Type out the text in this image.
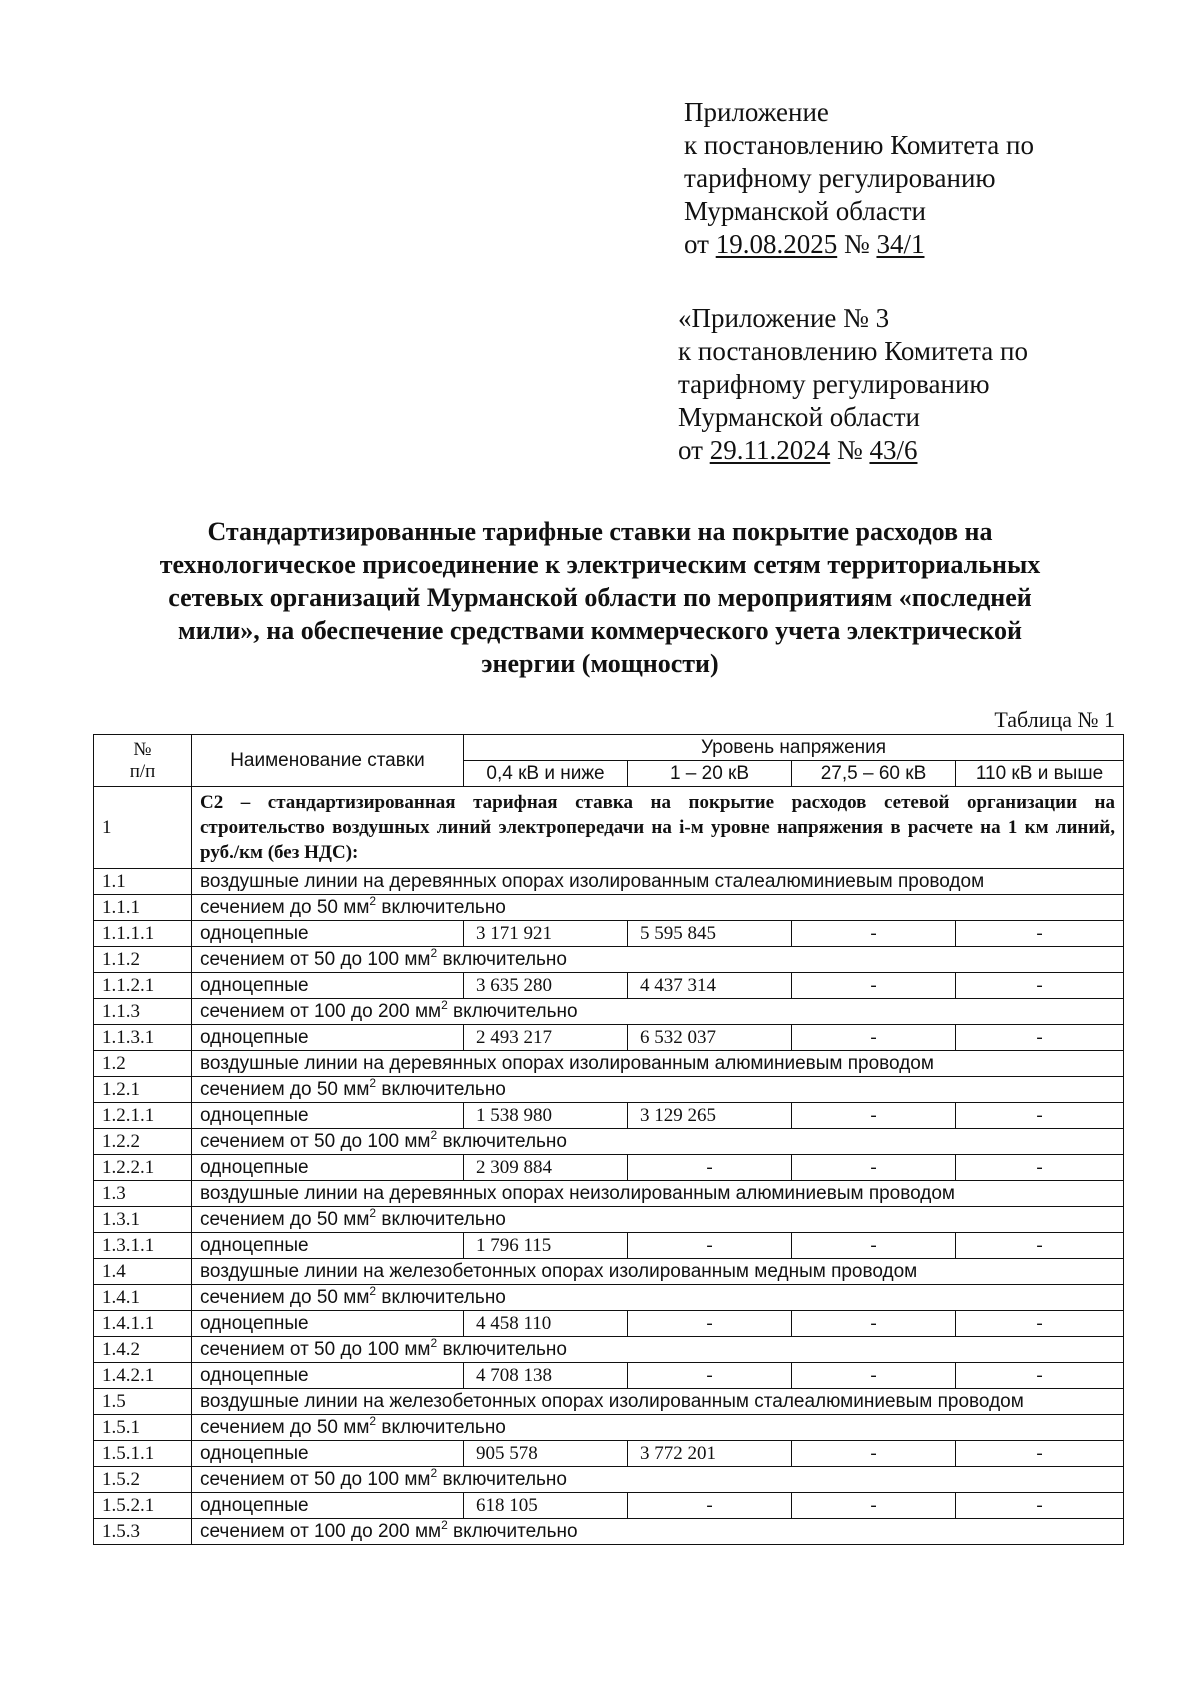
Приложение
к постановлению Комитета по
тарифному регулированию
Мурманской области
от 19.08.2025 № 34/1
«Приложение № 3
к постановлению Комитета по
тарифному регулированию
Мурманской области
от 29.11.2024 № 43/6
Стандартизированные тарифные ставки на покрытие расходов на
технологическое присоединение к электрическим сетям территориальных
сетевых организаций Мурманской области по мероприятиям «последней
мили», на обеспечение средствами коммерческого учета электрической
энергии (мощности)
Таблица № 1
№
п/п	Наименование ставки	Уровень напряжения			
		0,4 кВ и ниже	1 – 20 кВ	27,5 – 60 кВ	110 кВ и выше
1	С2 – стандартизированная тарифная ставка на покрытие расходов сетевой организации на строительство воздушных линий электропередачи на i-м уровне напряжения в расчете на 1 км линий, руб./км (без НДС):				
1.1	воздушные линии на деревянных опорах изолированным сталеалюминиевым проводом				
1.1.1	сечением до 50 $мм^2$ включительно				
1.1.1.1	одноцепные	3 171 921	5 595 845	-	-
1.1.2	сечением от 50 до 100 $мм^2$ включительно				
1.1.2.1	одноцепные	3 635 280	4 437 314	-	-
1.1.3	сечением от 100 до 200 $мм^2$ включительно				
1.1.3.1	одноцепные	2 493 217	6 532 037	-	-
1.2	воздушные линии на деревянных опорах изолированным алюминиевым проводом				
1.2.1	сечением до 50 $мм^2$ включительно				
1.2.1.1	одноцепные	1 538 980	3 129 265	-	-
1.2.2	сечением от 50 до 100 $мм^2$ включительно				
1.2.2.1	одноцепные	2 309 884	-	-	-
1.3	воздушные линии на деревянных опорах неизолированным алюминиевым проводом				
1.3.1	сечением до 50 $мм^2$ включительно				
1.3.1.1	одноцепные	1 796 115	-	-	-
1.4	воздушные линии на железобетонных опорах изолированным медным проводом				
1.4.1	сечением до 50 $мм^2$ включительно				
1.4.1.1	одноцепные	4 458 110	-	-	-
1.4.2	сечением от 50 до 100 $мм^2$ включительно				
1.4.2.1	одноцепные	4 708 138	-	-	-
1.5	воздушные линии на железобетонных опорах изолированным сталеалюминиевым проводом				
1.5.1	сечением до 50 $мм^2$ включительно				
1.5.1.1	одноцепные	905 578	3 772 201	-	-
1.5.2	сечением от 50 до 100 $мм^2$ включительно				
1.5.2.1	одноцепные	618 105	-	-	-
1.5.3	сечением от 100 до 200 $мм^2$ включительно				
